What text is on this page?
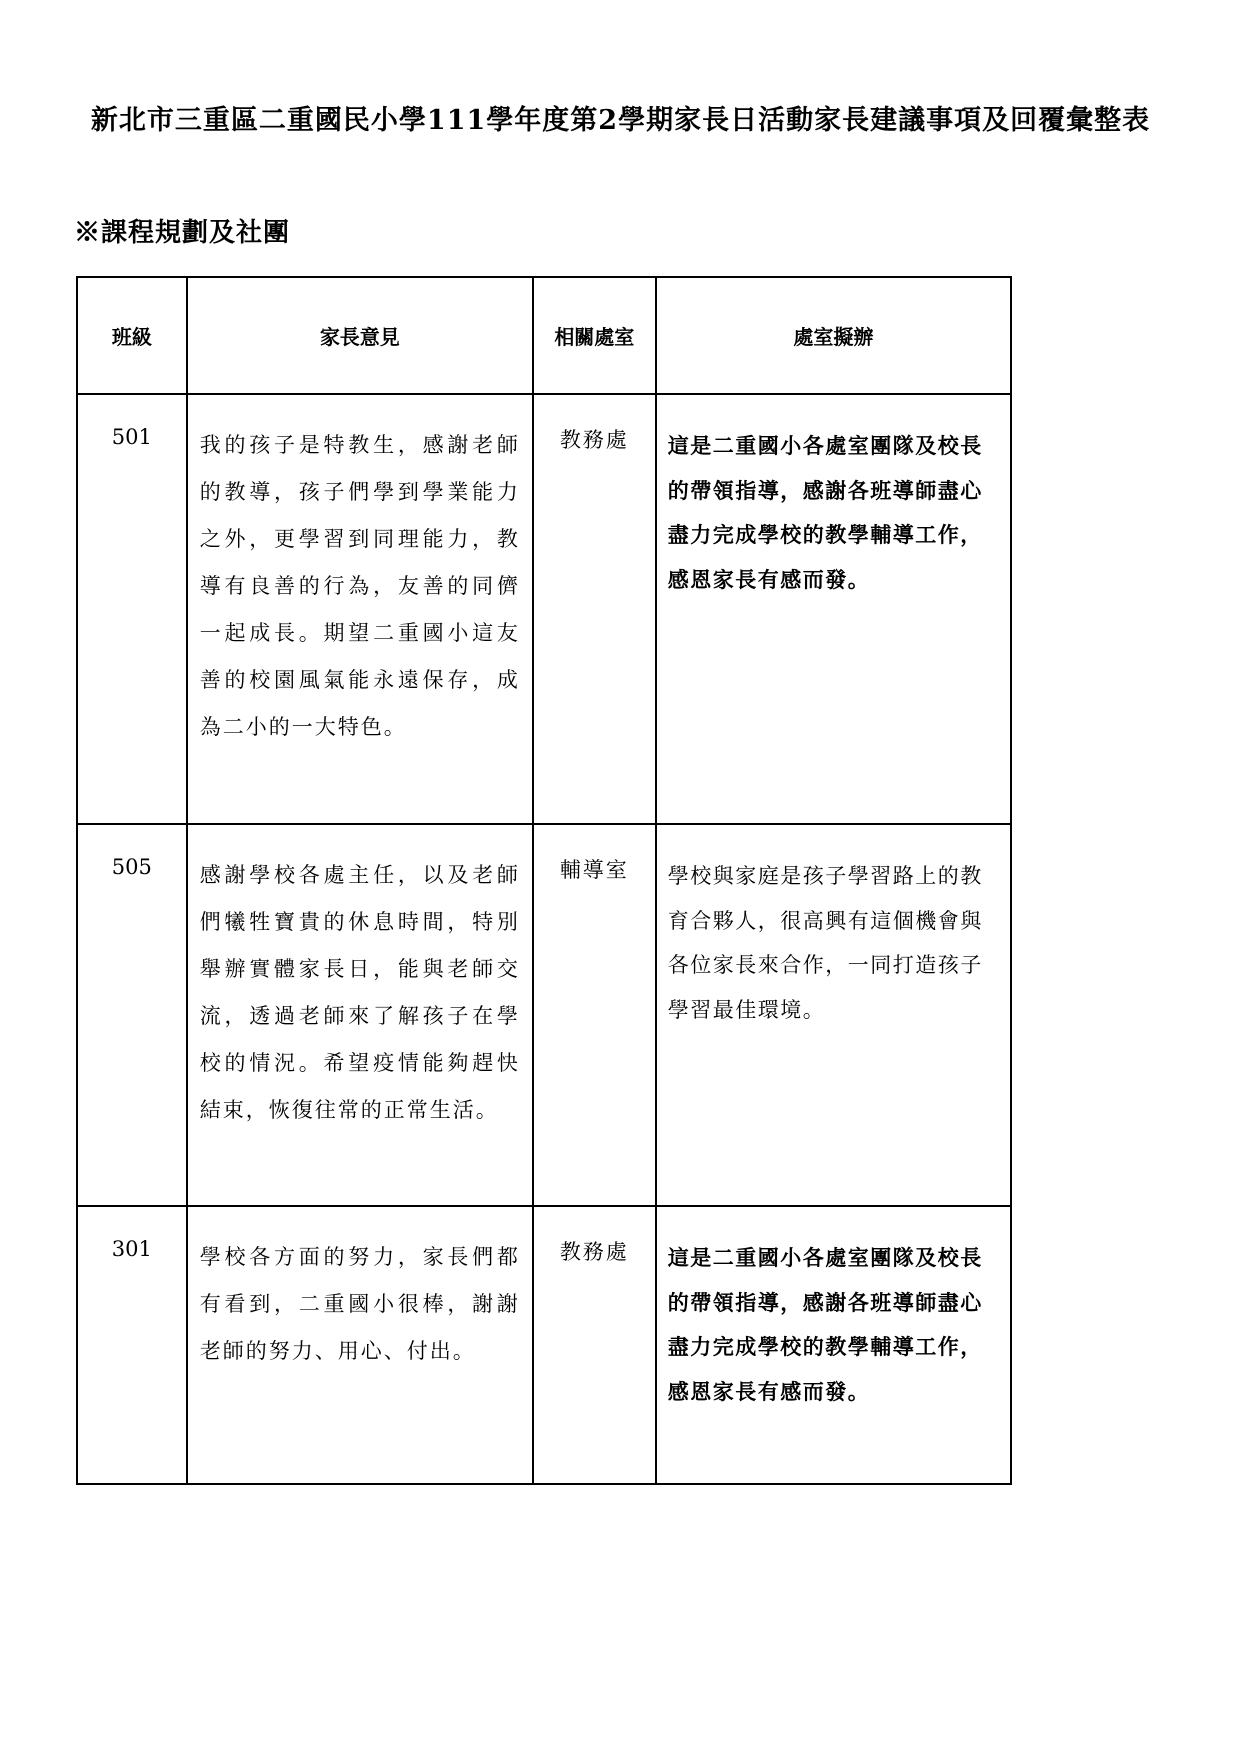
新北市三重區二重國民小學111學年度第2學期家長日活動家長建議事項及回覆彙整表
※課程規劃及社團
班級	家長意見	相關處室	處室擬辦
501	我的孩子是特教生，感謝老師的教導，孩子們學到學業能力之外，更學習到同理能力，教導有良善的行為，友善的同儕一起成長。期望二重國小這友善的校園風氣能永遠保存，成為二小的一大特色。	教務處	這是二重國小各處室團隊及校長的帶領指導，感謝各班導師盡心盡力完成學校的教學輔導工作，感恩家長有感而發。
505	感謝學校各處主任，以及老師們犧牲寶貴的休息時間，特別舉辦實體家長日，能與老師交流，透過老師來了解孩子在學校的情況。希望疫情能夠趕快結束，恢復往常的正常生活。	輔導室	學校與家庭是孩子學習路上的教育合夥人，很高興有這個機會與各位家長來合作，一同打造孩子學習最佳環境。
301	學校各方面的努力，家長們都有看到，二重國小很棒，謝謝老師的努力、用心、付出。	教務處	這是二重國小各處室團隊及校長的帶領指導，感謝各班導師盡心盡力完成學校的教學輔導工作，感恩家長有感而發。
